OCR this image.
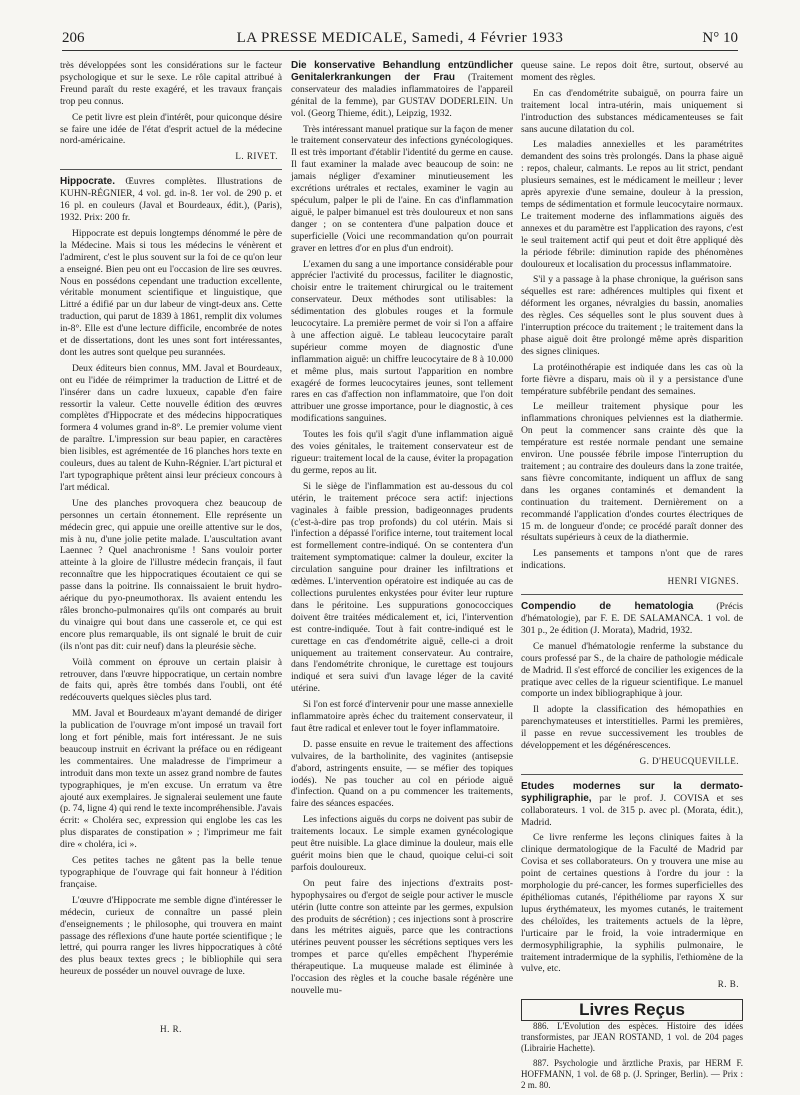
206	LA PRESSE MEDICALE, Samedi, 4 Février 1933	N° 10

très développées sont les considérations sur le facteur psychologique et sur le sexe. Le rôle capital attribué à Freund paraît du reste exagéré, et les travaux français trop peu connus.

Ce petit livre est plein d'intérêt, pour quiconque désire se faire une idée de l'état d'esprit actuel de la médecine nord-américaine.

L. RIVET.

Hippocrate. Œuvres complètes. Illustrations de KUHN-RÉGNIER, 4 vol. gd. in-8. 1er vol. de 290 p. et 16 pl. en couleurs (Javal et Bourdeaux, édit.), (Paris), 1932. Prix: 200 fr.

Hippocrate est depuis longtemps dénommé le père de la Médecine. Mais si tous les médecins le vénèrent et l'admirent, c'est le plus souvent sur la foi de ce qu'on leur a enseigné. Bien peu ont eu l'occasion de lire ses œuvres. Nous en possédons cependant une traduction excellente, véritable monument scientifique et linguistique, que Littré a édifié par un dur labeur de vingt-deux ans. Cette traduction, qui parut de 1839 à 1861, remplit dix volumes in-8°. Elle est d'une lecture difficile, encombrée de notes et de dissertations, dont les unes sont fort intéressantes, dont les autres sont quelque peu surannées.

Deux éditeurs bien connus, MM. Javal et Bourdeaux, ont eu l'idée de réimprimer la traduction de Littré et de l'insérer dans un cadre luxueux, capable d'en faire ressortir la valeur. Cette nouvelle édition des œuvres complètes d'Hippocrate et des médecins hippocratiques formera 4 volumes grand in-8°. Le premier volume vient de paraître. L'impression sur beau papier, en caractères bien lisibles, est agrémentée de 16 planches hors texte en couleurs, dues au talent de Kuhn-Régnier. L'art pictural et l'art typographique prêtent ainsi leur précieux concours à l'art médical.

Une des planches provoquera chez beaucoup de personnes un certain étonnement. Elle représente un médecin grec, qui appuie une oreille attentive sur le dos, mis à nu, d'une jolie petite malade. L'auscultation avant Laennec ? Quel anachronisme ! Sans vouloir porter atteinte à la gloire de l'illustre médecin français, il faut reconnaître que les hippocratiques écoutaient ce qui se passe dans la poitrine. Ils connaissaient le bruit hydro-aérique du pyo-pneumothorax. Ils avaient entendu les râles broncho-pulmonaires qu'ils ont comparés au bruit du vinaigre qui bout dans une casserole et, ce qui est encore plus remarquable, ils ont signalé le bruit de cuir (ils n'ont pas dit: cuir neuf) dans la pleurésie sèche.

Voilà comment on éprouve un certain plaisir à retrouver, dans l'œuvre hippocratique, un certain nombre de faits qui, après être tombés dans l'oubli, ont été redécouverts quelques siècles plus tard.

MM. Javal et Bourdeaux m'ayant demandé de diriger la publication de l'ouvrage m'ont imposé un travail fort long et fort pénible, mais fort intéressant. Je ne suis beaucoup instruit en écrivant la préface ou en rédigeant les commentaires. Une maladresse de l'imprimeur a introduit dans mon texte un assez grand nombre de fautes typographiques, je m'en excuse. Un erratum va être ajouté aux exemplaires. Je signalerai seulement une faute (p. 74, ligne 4) qui rend le texte incompréhensible. J'avais écrit: « Choléra sec, expression qui englobe les cas les plus disparates de constipation » ; l'imprimeur me fait dire « choléra, ici ».

Ces petites taches ne gâtent pas la belle tenue typographique de l'ouvrage qui fait honneur à l'édition française.

L'œuvre d'Hippocrate me semble digne d'intéresser le médecin, curieux de connaître un passé plein d'enseignements ; le philosophe, qui trouvera en maint passage des réflexions d'une haute portée scientifique ; le lettré, qui pourra ranger les livres hippocratiques à côté des plus beaux textes grecs ; le bibliophile qui sera heureux de posséder un nouvel ouvrage de luxe.

Die konservative Behandlung entzündlicher Genitalerkrankungen der Frau (Traitement conservateur des maladies inflammatoires de l'appareil génital de la femme), par GUSTAV DODERLEIN. Un vol. (Georg Thieme, édit.), Leipzig, 1932.

Très intéressant manuel pratique sur la façon de mener le traitement conservateur des infections gynécologiques. Il est très important d'établir l'identité du germe en cause. Il faut examiner la malade avec beaucoup de soin: ne jamais négliger d'examiner minutieusement les excrétions urétrales et rectales, examiner le vagin au spéculum, palper le pli de l'aine. En cas d'inflammation aiguë, le palper bimanuel est très douloureux et non sans danger ; on se contentera d'une palpation douce et superficielle (Voici une recommandation qu'on pourrait graver en lettres d'or en plus d'un endroit).

L'examen du sang a une importance considérable pour apprécier l'activité du processus, faciliter le diagnostic, choisir entre le traitement chirurgical ou le traitement conservateur. Deux méthodes sont utilisables: la sédimentation des globules rouges et la formule leucocytaire. La première permet de voir si l'on a affaire à une affection aiguë. Le tableau leucocytaire paraît supérieur comme moyen de diagnostic d'une inflammation aiguë: un chiffre leucocytaire de 8 à 10.000 et même plus, mais surtout l'apparition en nombre exagéré de formes leucocytaires jeunes, sont tellement rares en cas d'affection non inflammatoire, que l'on doit attribuer une grosse importance, pour le diagnostic, à ces modifications sanguines.

Toutes les fois qu'il s'agit d'une inflammation aiguë des voies génitales, le traitement conservateur est de rigueur: traitement local de la cause, éviter la propagation du germe, repos au lit.

Si le siège de l'inflammation est au-dessous du col utérin, le traitement précoce sera actif: injections vaginales à faible pression, badigeonnages prudents (c'est-à-dire pas trop profonds) du col utérin. Mais si l'infection a dépassé l'orifice interne, tout traitement local est formellement contre-indiqué. On se contentera d'un traitement symptomatique: calmer la douleur, exciter la circulation sanguine pour drainer les infiltrations et œdèmes. L'intervention opératoire est indiquée au cas de collections purulentes enkystées pour éviter leur rupture dans le péritoine. Les suppurations gonococciques doivent être traitées médicalement et, ici, l'intervention est contre-indiquée. Tout à fait contre-indiqué est le curettage en cas d'endométrite aiguë, celle-ci a droit uniquement au traitement conservateur. Au contraire, dans l'endométrite chronique, le curettage est toujours indiqué et sera suivi d'un lavage léger de la cavité utérine.

Si l'on est forcé d'intervenir pour une masse annexielle inflammatoire après échec du traitement conservateur, il faut être radical et enlever tout le foyer inflammatoire.

D. passe ensuite en revue le traitement des affections vulvaires, de la bartholinite, des vaginites (antisepsie d'abord, astringents ensuite, — se méfier des topiques iodés). Ne pas toucher au col en période aiguë d'infection. Quand on a pu commencer les traitements, faire des séances espacées.

Les infections aiguës du corps ne doivent pas subir de traitements locaux. Le simple examen gynécologique peut être nuisible. La glace diminue la douleur, mais elle guérit moins bien que le chaud, quoique celui-ci soit parfois douloureux.

On peut faire des injections d'extraits post-hypophysaires ou d'ergot de seigle pour activer le muscle utérin (lutte contre son atteinte par les germes, expulsion des produits de sécrétion) ; ces injections sont à proscrire dans les métrites aiguës, parce que les contractions utérines peuvent pousser les sécrétions septiques vers les trompes et parce qu'elles empêchent l'hyperémie thérapeutique. La muqueuse malade est éliminée à l'occasion des règles et la couche basale régénère une nouvelle mu-

queuse saine. Le repos doit être, surtout, observé au moment des règles.

En cas d'endométrite subaiguë, on pourra faire un traitement local intra-utérin, mais uniquement si l'introduction des substances médicamenteuses se fait sans aucune dilatation du col.

Les maladies annexielles et les paramétrites demandent des soins très prolongés. Dans la phase aiguë : repos, chaleur, calmants. Le repos au lit strict, pendant plusieurs semaines, est le médicament le meilleur ; lever après apyrexie d'une semaine, douleur à la pression, temps de sédimentation et formule leucocytaire normaux. Le traitement moderne des inflammations aiguës des annexes et du paramètre est l'application des rayons, c'est le seul traitement actif qui peut et doit être appliqué dès la période fébrile: diminution rapide des phénomènes douloureux et localisation du processus inflammatoire.

S'il y a passage à la phase chronique, la guérison sans séquelles est rare: adhérences multiples qui fixent et déforment les organes, névralgies du bassin, anomalies des règles. Ces séquelles sont le plus souvent dues à l'interruption précoce du traitement ; le traitement dans la phase aiguë doit être prolongé même après disparition des signes cliniques.

La protéinothérapie est indiquée dans les cas où la forte fièvre a disparu, mais où il y a persistance d'une température subfébrile pendant des semaines.

Le meilleur traitement physique pour les inflammations chroniques pelviennes est la diathermie. On peut la commencer sans crainte dès que la température est restée normale pendant une semaine environ. Une poussée fébrile impose l'interruption du traitement ; au contraire des douleurs dans la zone traitée, sans fièvre concomitante, indiquent un afflux de sang dans les organes contaminés et demandent la continuation du traitement. Dernièrement on a recommandé l'application d'ondes courtes électriques de 15 m. de longueur d'onde; ce procédé paraît donner des résultats supérieurs à ceux de la diathermie.

Les pansements et tampons n'ont que de rares indications.

HENRI VIGNES.

Compendio de hematologia (Précis d'hématologie), par F. E. DE SALAMANCA. 1 vol. de 301 p., 2e édition (J. Morata), Madrid, 1932.

Ce manuel d'hématologie renferme la substance du cours professé par S., de la chaire de pathologie médicale de Madrid. Il s'est efforcé de concilier les exigences de la pratique avec celles de la rigueur scientifique. Le manuel comporte un index bibliographique à jour.

Il adopte la classification des hémopathies en parenchymateuses et interstitielles. Parmi les premières, il passe en revue successivement les troubles de développement et les dégénérescences.

G. D'HEUCQUEVILLE.

Etudes modernes sur la dermato-syphiligraphie, par le prof. J. COVISA et ses collaborateurs. 1 vol. de 315 p. avec pl. (Morata, édit.), Madrid.

Ce livre renferme les leçons cliniques faites à la clinique dermatologique de la Faculté de Madrid par Covisa et ses collaborateurs. On y trouvera une mise au point de certaines questions à l'ordre du jour : la morphologie du pré-cancer, les formes superficielles des épithéliomas cutanés, l'épithéliome par rayons X sur lupus érythémateux, les myomes cutanés, le traitement des chéloïdes, les traitements actuels de la lèpre, l'urticaire par le froid, la voie intradermique en dermosyphiligraphie, la syphilis pulmonaire, le traitement intradermique de la syphilis, l'ethiomène de la vulve, etc.

R. B.
Livres Reçus

886. L'Evolution des espèces. Histoire des idées transformistes, par JEAN ROSTAND, 1 vol. de 204 pages (Librairie Hachette).

887. Psychologie und ärztliche Praxis, par HERM F. HOFFMANN, 1 vol. de 68 p. (J. Springer, Berlin). — Prix : 2 m. 80.

H. R.
